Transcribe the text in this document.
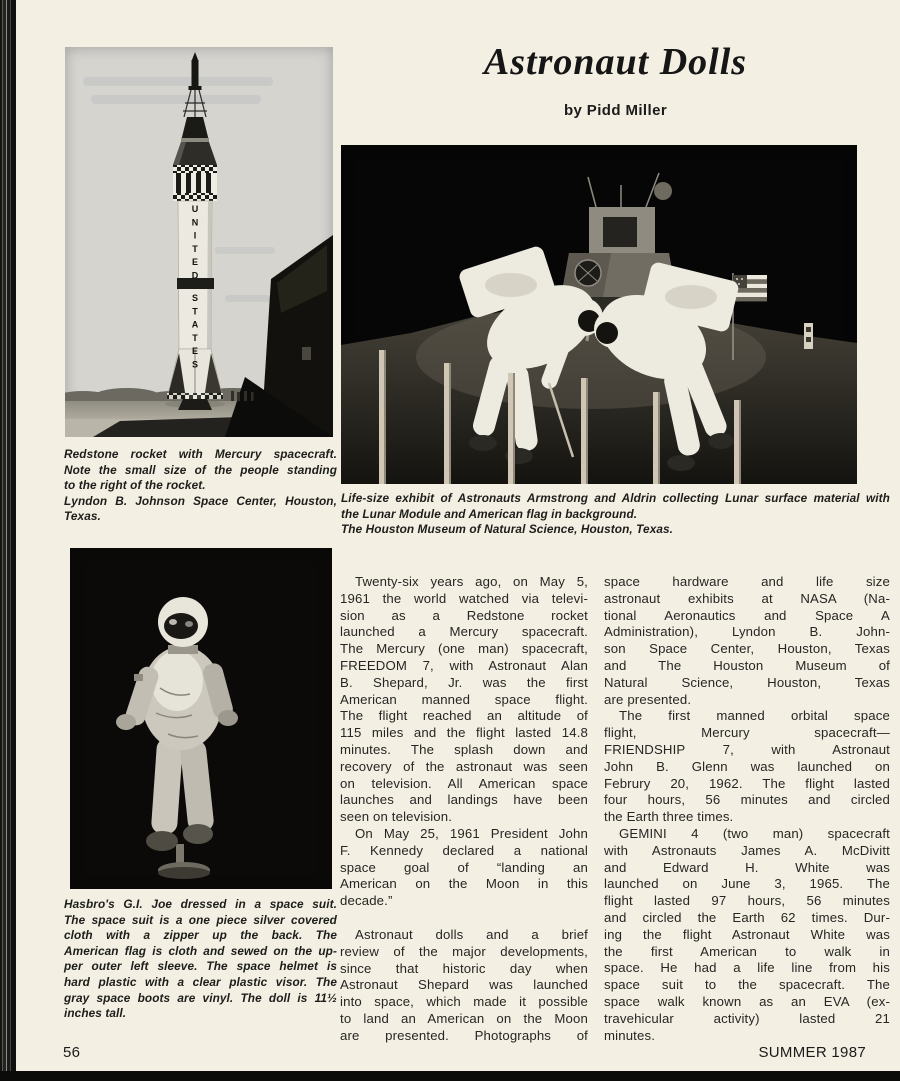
UNITED
STATES
Redstone rocket with Mercury spacecraft.
Note the small size of the people standing
to the right of the rocket.
Lyndon B. Johnson Space Center, Houston,
Texas.
Life-size exhibit of Astronauts Armstrong and Aldrin collecting Lunar surface material with
the Lunar Module and American flag in background.
The Houston Museum of Natural Science, Houston, Texas.
Hasbro's G.I. Joe dressed in a space suit.
The space suit is a one piece silver covered
cloth with a zipper up the back. The
American flag is cloth and sewed on the up-
per outer left sleeve. The space helmet is
hard plastic with a clear plastic visor. The
gray space boots are vinyl. The doll is 11½
inches tall.
Astronaut Dolls
by Pidd Miller
Twenty-six years ago, on May 5,
1961 the world watched via televi-
sion as a Redstone rocket
launched a Mercury spacecraft.
The Mercury (one man) spacecraft,
FREEDOM 7, with Astronaut Alan
B. Shepard, Jr. was the first
American manned space flight.
The flight reached an altitude of
115 miles and the flight lasted 14.8
minutes. The splash down and
recovery of the astronaut was seen
on television. All American space
launches and landings have been
seen on television.
On May 25, 1961 President John
F. Kennedy declared a national
space goal of “landing an
American on the Moon in this
decade.”
Astronaut dolls and a brief
review of the major developments,
since that historic day when
Astronaut Shepard was launched
into space, which made it possible
to land an American on the Moon
are presented. Photographs of
space hardware and life size
astronaut exhibits at NASA (Na-
tional Aeronautics and Space A
Administration), Lyndon B. John-
son Space Center, Houston, Texas
and The Houston Museum of
Natural Science, Houston, Texas
are presented.
The first manned orbital space
flight, Mercury spacecraft—
FRIENDSHIP 7, with Astronaut
John B. Glenn was launched on
Februry 20, 1962. The flight lasted
four hours, 56 minutes and circled
the Earth three times.
GEMINI 4 (two man) spacecraft
with Astronauts James A. McDivitt
and Edward H. White was
launched on June 3, 1965. The
flight lasted 97 hours, 56 minutes
and circled the Earth 62 times. Dur-
ing the flight Astronaut White was
the first American to walk in
space. He had a life line from his
space suit to the spacecraft. The
space walk known as an EVA (ex-
travehicular activity) lasted 21
minutes.
56	SUMMER 1987
